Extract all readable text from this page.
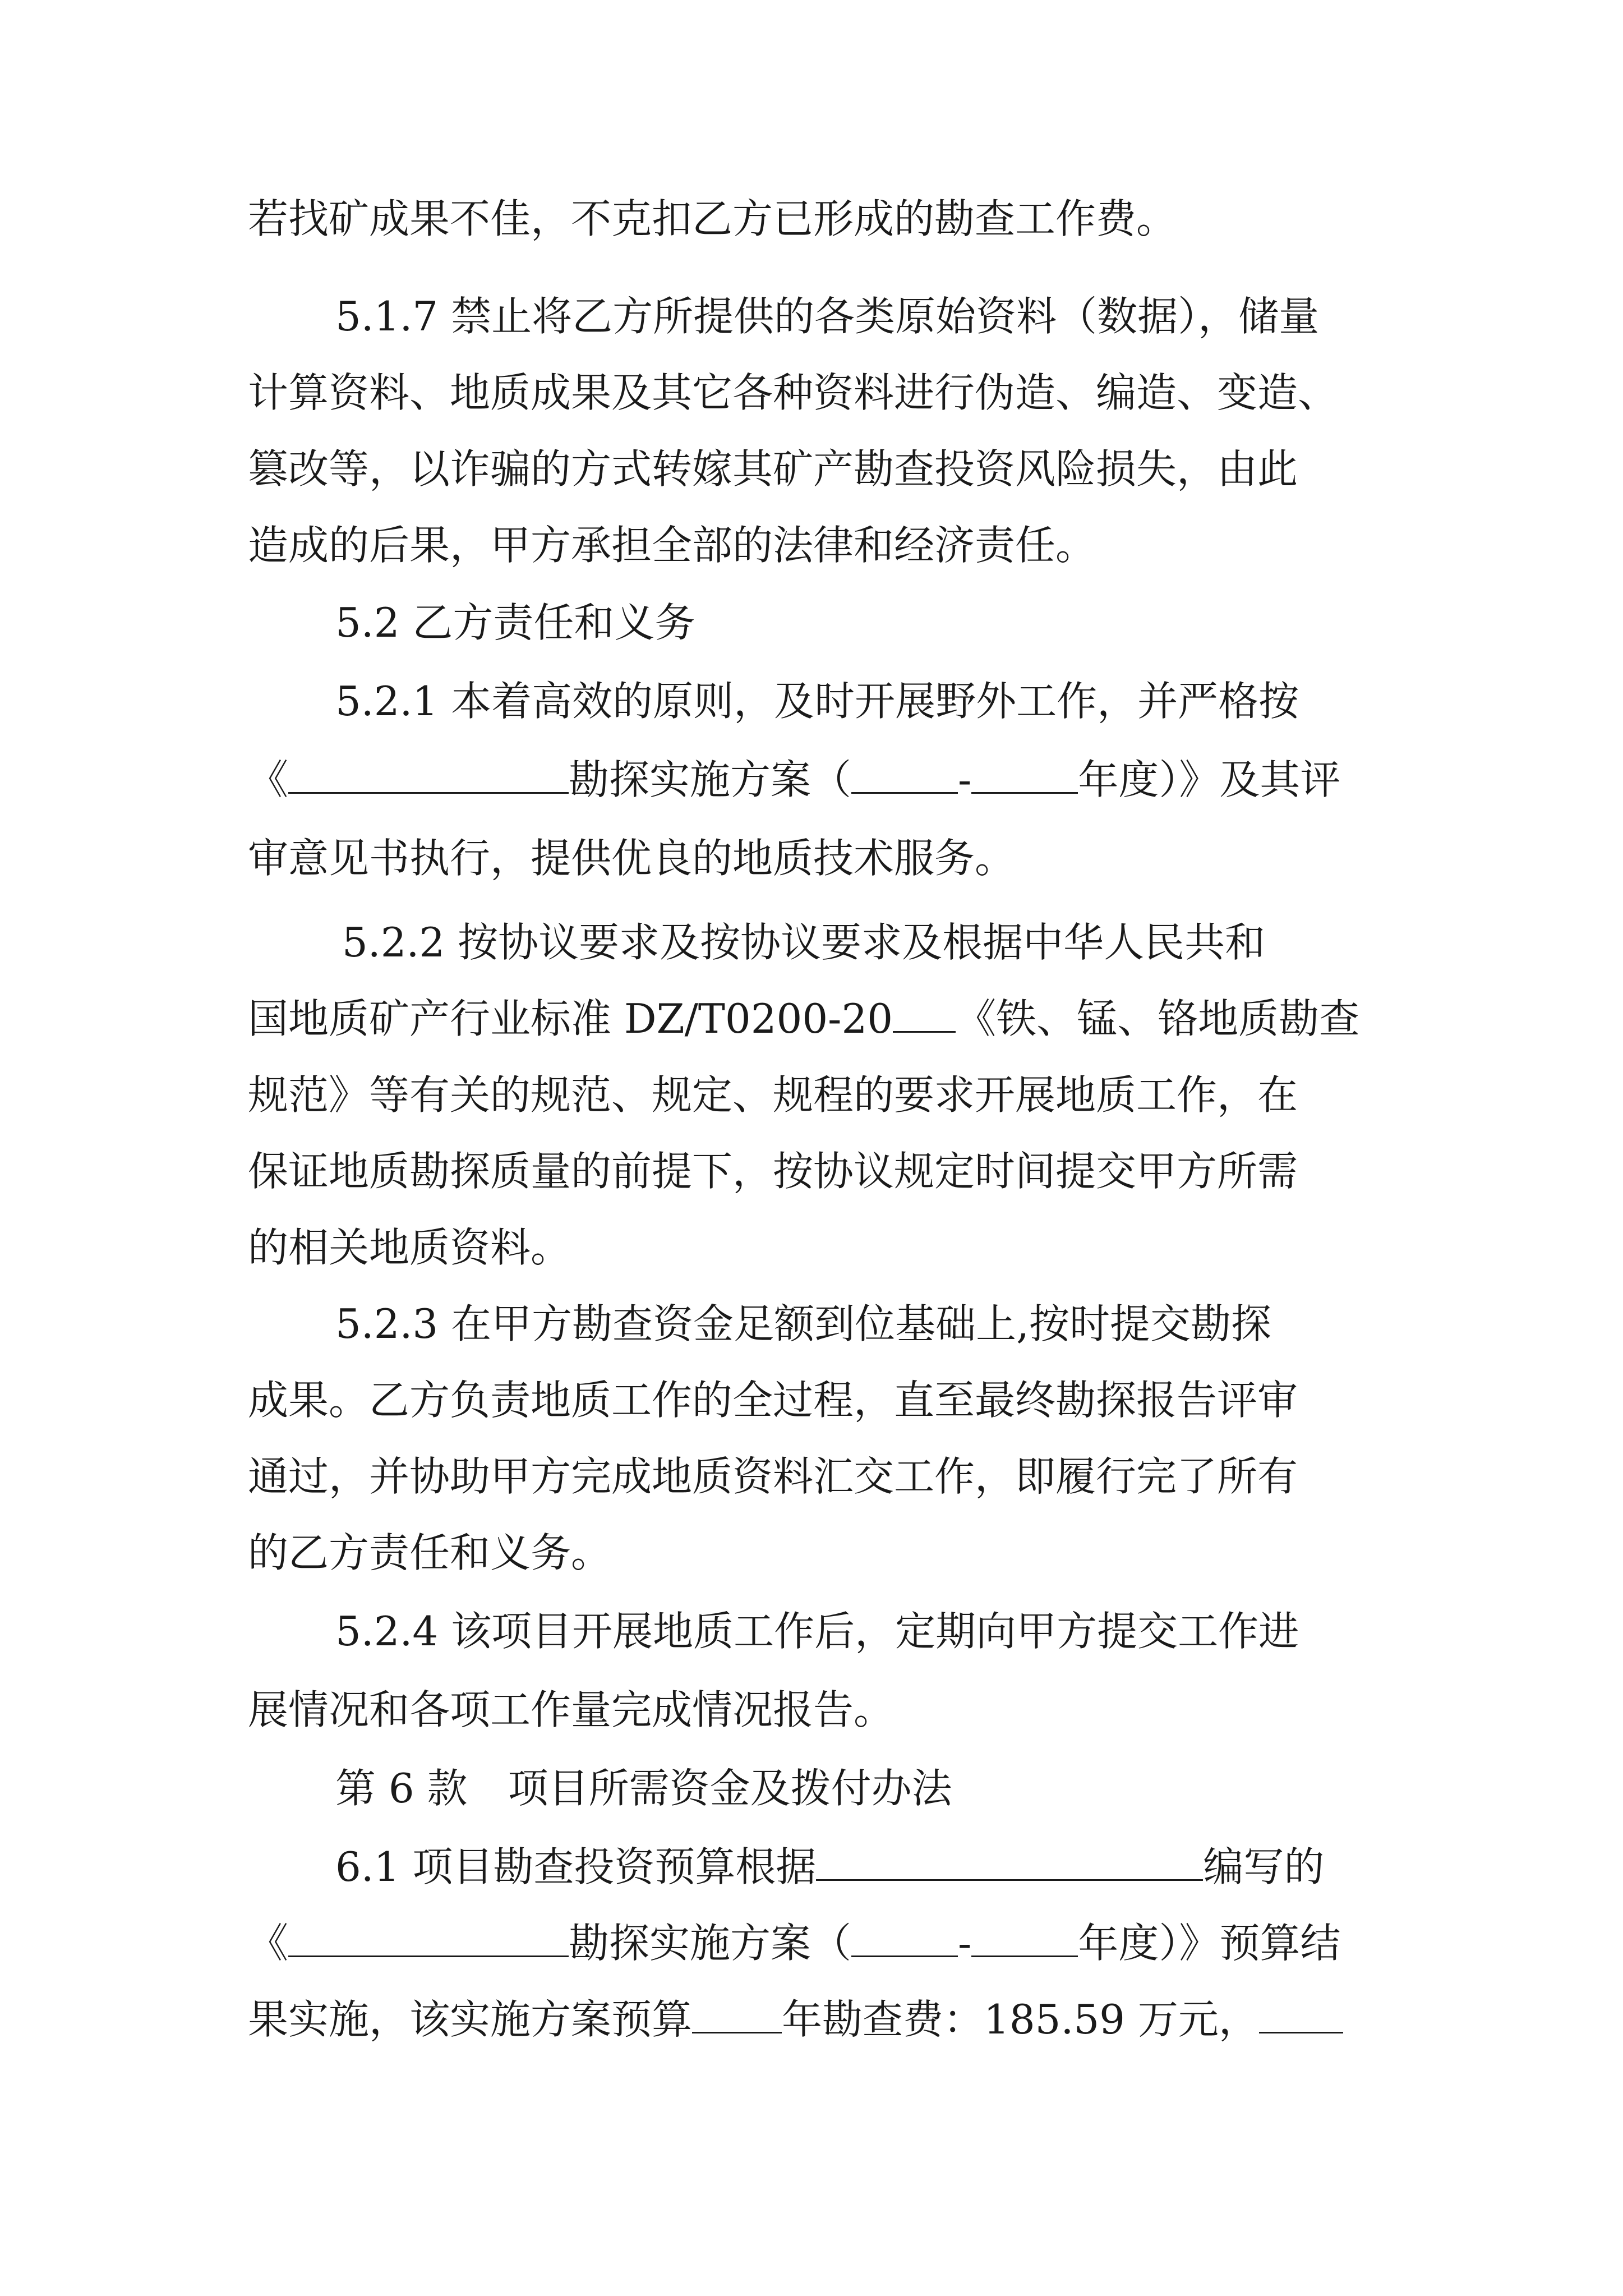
若找矿成果不佳，不克扣乙方已形成的勘查工作费。
5.1.7 禁止将乙方所提供的各类原始资料（数据），储量
计算资料、地质成果及其它各种资料进行伪造、编造、变造、
篡改等，以诈骗的方式转嫁其矿产勘查投资风险损失，由此
造成的后果，甲方承担全部的法律和经济责任。
5.2 乙方责任和义务
5.2.1 本着高效的原则，及时开展野外工作，并严格按
《	勘探实施方案（	-	年度）》及其评
审意见书执行，提供优良的地质技术服务。
5.2.2 按协议要求及按协议要求及根据中华人民共和
国地质矿产行业标准 DZ/T0200-20 《铁、锰、铬地质勘查
规范》等有关的规范、规定、规程的要求开展地质工作，在
保证地质勘探质量的前提下，按协议规定时间提交甲方所需
的相关地质资料。
5.2.3 在甲方勘查资金足额到位基础上,按时提交勘探
成果。乙方负责地质工作的全过程，直至最终勘探报告评审
通过，并协助甲方完成地质资料汇交工作，即履行完了所有
的乙方责任和义务。
5.2.4 该项目开展地质工作后，定期向甲方提交工作进
展情况和各项工作量完成情况报告。
第 6 款　项目所需资金及拨付办法
6.1 项目勘查投资预算根据	编写的
《	勘探实施方案（	-	年度）》预算结
果实施，该实施方案预算 年勘查费：185.59 万元，
